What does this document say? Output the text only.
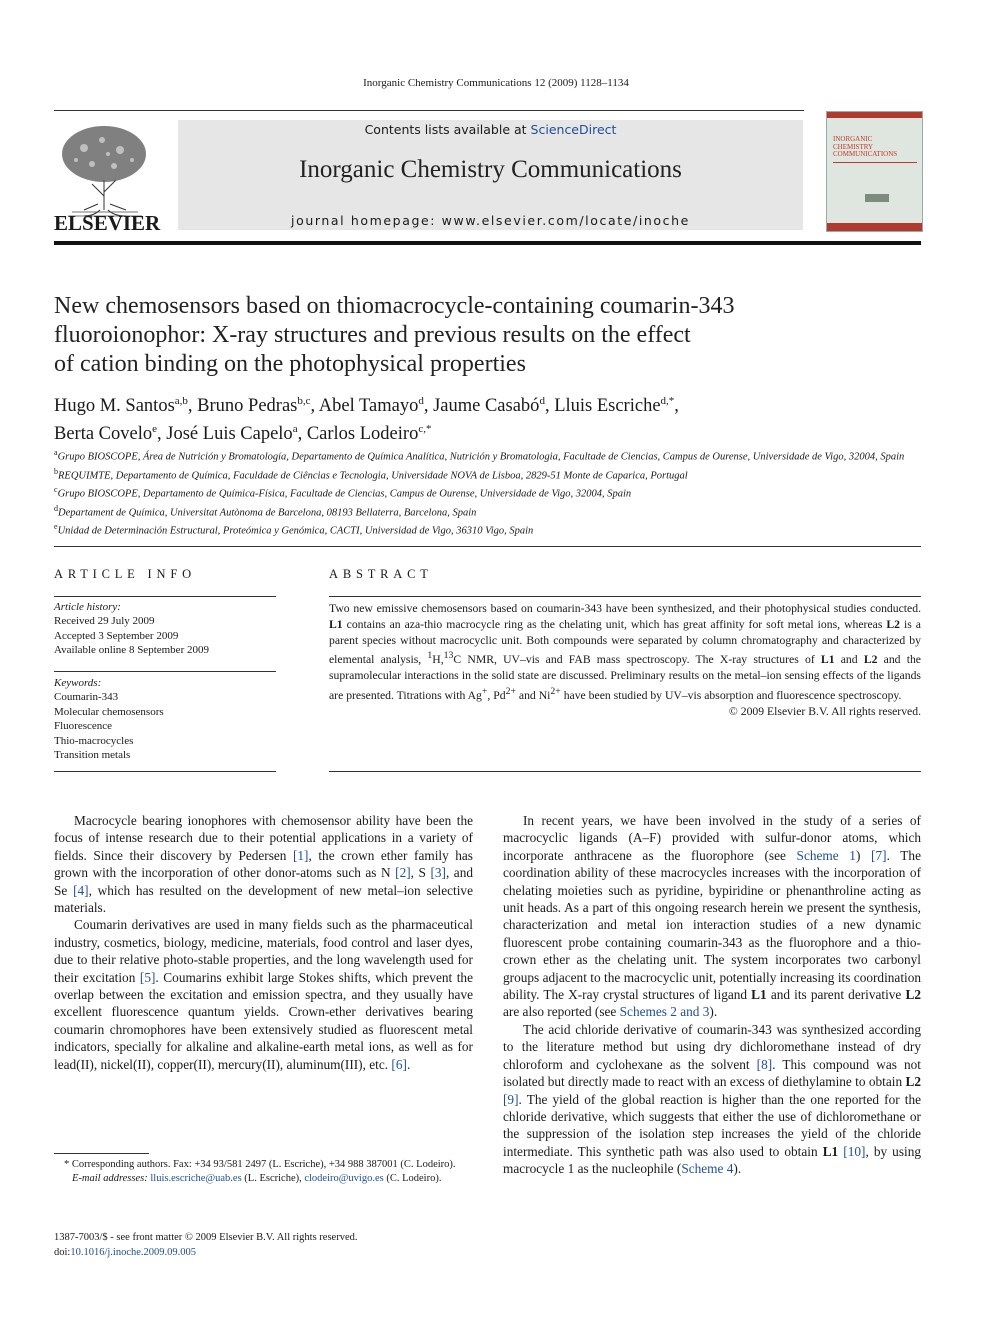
Inorganic Chemistry Communications 12 (2009) 1128–1134
ELSEVIER
Contents lists available at ScienceDirect
Inorganic Chemistry Communications
journal homepage: www.elsevier.com/locate/inoche
INORGANIC
CHEMISTRY
COMMUNICATIONS
New chemosensors based on thiomacrocycle-containing coumarin-343
fluoroionophor: X-ray structures and previous results on the effect
of cation binding on the photophysical properties
Hugo M. Santos$^{a,b}$, Bruno Pedras$^{b,c}$, Abel Tamayo$^d$, Jaume Casabó$^d$, Lluis Escriche$^{d,*}$,
Berta Covelo$^e$, José Luis Capelo$^a$, Carlos Lodeiro$^{c,*}$
$^a$Grupo BIOSCOPE, Área de Nutrición y Bromatología, Departamento de Química Analítica, Nutrición y Bromatologia, Facultade de Ciencias, Campus de Ourense, Universidade de Vigo, 32004, Spain
$^b$REQUIMTE, Departamento de Química, Faculdade de Ciências e Tecnologia, Universidade NOVA de Lisboa, 2829-51 Monte de Caparica, Portugal
$^c$Grupo BIOSCOPE, Departamento de Química-Física, Facultade de Ciencias, Campus de Ourense, Universidade de Vigo, 32004, Spain
$^d$Departament de Química, Universitat Autònoma de Barcelona, 08193 Bellaterra, Barcelona, Spain
$^e$Unidad de Determinación Estructural, Proteómica y Genómica, CACTI, Universidad de Vigo, 36310 Vigo, Spain
ARTICLE INFO	ABSTRACT
Article history:
Received 29 July 2009
Accepted 3 September 2009
Available online 8 September 2009
Keywords:
Coumarin-343
Molecular chemosensors
Fluorescence
Thio-macrocycles
Transition metals
Two new emissive chemosensors based on coumarin-343 have been synthesized, and their photophysical studies conducted. L1 contains an aza-thio macrocycle ring as the chelating unit, which has great affinity for soft metal ions, whereas L2 is a parent species without macrocyclic unit. Both compounds were separated by column chromatography and characterized by elemental analysis, $^1$H,$^{13}$C NMR, UV–vis and FAB mass spectroscopy. The X-ray structures of L1 and L2 and the supramolecular interactions in the solid state are discussed. Preliminary results on the metal–ion sensing effects of the ligands are presented. Titrations with Ag+, $Pd^{2+}$ and $Ni^{2+}$ have been studied by UV–vis absorption and fluorescence spectroscopy.
© 2009 Elsevier B.V. All rights reserved.

Macrocycle bearing ionophores with chemosensor ability have been the focus of intense research due to their potential applications in a variety of fields. Since their discovery by Pedersen [1], the crown ether family has grown with the incorporation of other donor-atoms such as N [2], S [3], and Se [4], which has resulted on the development of new metal–ion selective materials.

Coumarin derivatives are used in many fields such as the pharmaceutical industry, cosmetics, biology, medicine, materials, food control and laser dyes, due to their relative photo-stable properties, and the long wavelength used for their excitation [5]. Coumarins exhibit large Stokes shifts, which prevent the overlap between the excitation and emission spectra, and they usually have excellent fluorescence quantum yields. Crown-ether derivatives bearing coumarin chromophores have been extensively studied as fluorescent metal indicators, specially for alkaline and alkaline-earth metal ions, as well as for lead(II), nickel(II), copper(II), mercury(II), aluminum(III), etc. [6].

In recent years, we have been involved in the study of a series of macrocyclic ligands (A–F) provided with sulfur-donor atoms, which incorporate anthracene as the fluorophore (see Scheme 1) [7]. The coordination ability of these macrocycles increases with the incorporation of chelating moieties such as pyridine, bypiridine or phenanthroline acting as unit heads. As a part of this ongoing research herein we present the synthesis, characterization and metal ion interaction studies of a new dynamic fluorescent probe containing coumarin-343 as the fluorophore and a thio-crown ether as the chelating unit. The system incorporates two carbonyl groups adjacent to the macrocyclic unit, potentially increasing its coordination ability. The X-ray crystal structures of ligand L1 and its parent derivative L2 are also reported (see Schemes 2 and 3).

The acid chloride derivative of coumarin-343 was synthesized according to the literature method but using dry dichloromethane instead of dry chloroform and cyclohexane as the solvent [8]. This compound was not isolated but directly made to react with an excess of diethylamine to obtain L2 [9]. The yield of the global reaction is higher than the one reported for the chloride derivative, which suggests that either the use of dichloromethane or the suppression of the isolation step increases the yield of the chloride intermediate. This synthetic path was also used to obtain L1 [10], by using macrocycle 1 as the nucleophile (Scheme 4).

* Corresponding authors. Fax: +34 93/581 2497 (L. Escriche), +34 988 387001 (C. Lodeiro).
E-mail addresses: lluis.escriche@uab.es (L. Escriche), clodeiro@uvigo.es (C. Lodeiro).
1387-7003/$ - see front matter © 2009 Elsevier B.V. All rights reserved.
doi:10.1016/j.inoche.2009.09.005
